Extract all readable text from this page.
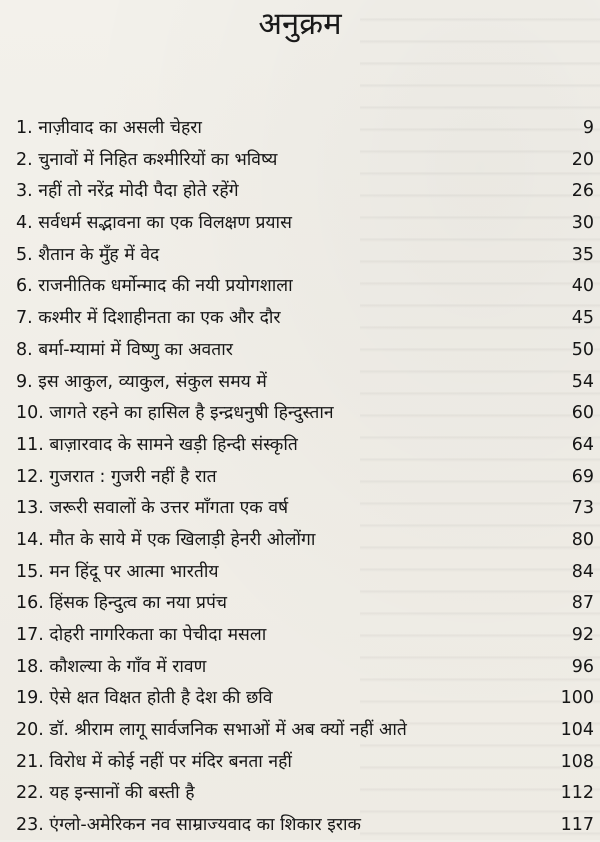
अनुक्रम
1.
नाज़ीवाद का असली चेहरा	9
2.
चुनावों में निहित कश्मीरियों का भविष्य	20
3.
नहीं तो नरेंद्र मोदी पैदा होते रहेंगे	26
4.
सर्वधर्म सद्भावना का एक विलक्षण प्रयास	30
5.
शैतान के मुँह में वेद	35
6.
राजनीतिक धर्मोन्माद की नयी प्रयोगशाला	40
7.
कश्मीर में दिशाहीनता का एक और दौर	45
8.
बर्मा-म्यामां में विष्णु का अवतार	50
9.
इस आकुल, व्याकुल, संकुल समय में	54
10.
जागते रहने का हासिल है इन्द्रधनुषी हिन्दुस्तान	60
11.
बाज़ारवाद के सामने खड़ी हिन्दी संस्कृति	64
12.
गुजरात : गुजरी नहीं है रात	69
13.
जरूरी सवालों के उत्तर माँगता एक वर्ष	73
14.
मौत के साये में एक खिलाड़ी हेनरी ओलोंगा	80
15.
मन हिंदू पर आत्मा भारतीय	84
16.
हिंसक हिन्दुत्व का नया प्रपंच	87
17.
दोहरी नागरिकता का पेचीदा मसला	92
18.
कौशल्या के गाँव में रावण	96
19.
ऐसे क्षत विक्षत होती है देश की छवि	100
20.
डॉ. श्रीराम लागू सार्वजनिक सभाओं में अब क्यों नहीं आते	104
21.
विरोध में कोई नहीं पर मंदिर बनता नहीं	108
22.
यह इन्सानों की बस्ती है	112
23.
एंग्लो-अमेरिकन नव साम्राज्यवाद का शिकार इराक	117
